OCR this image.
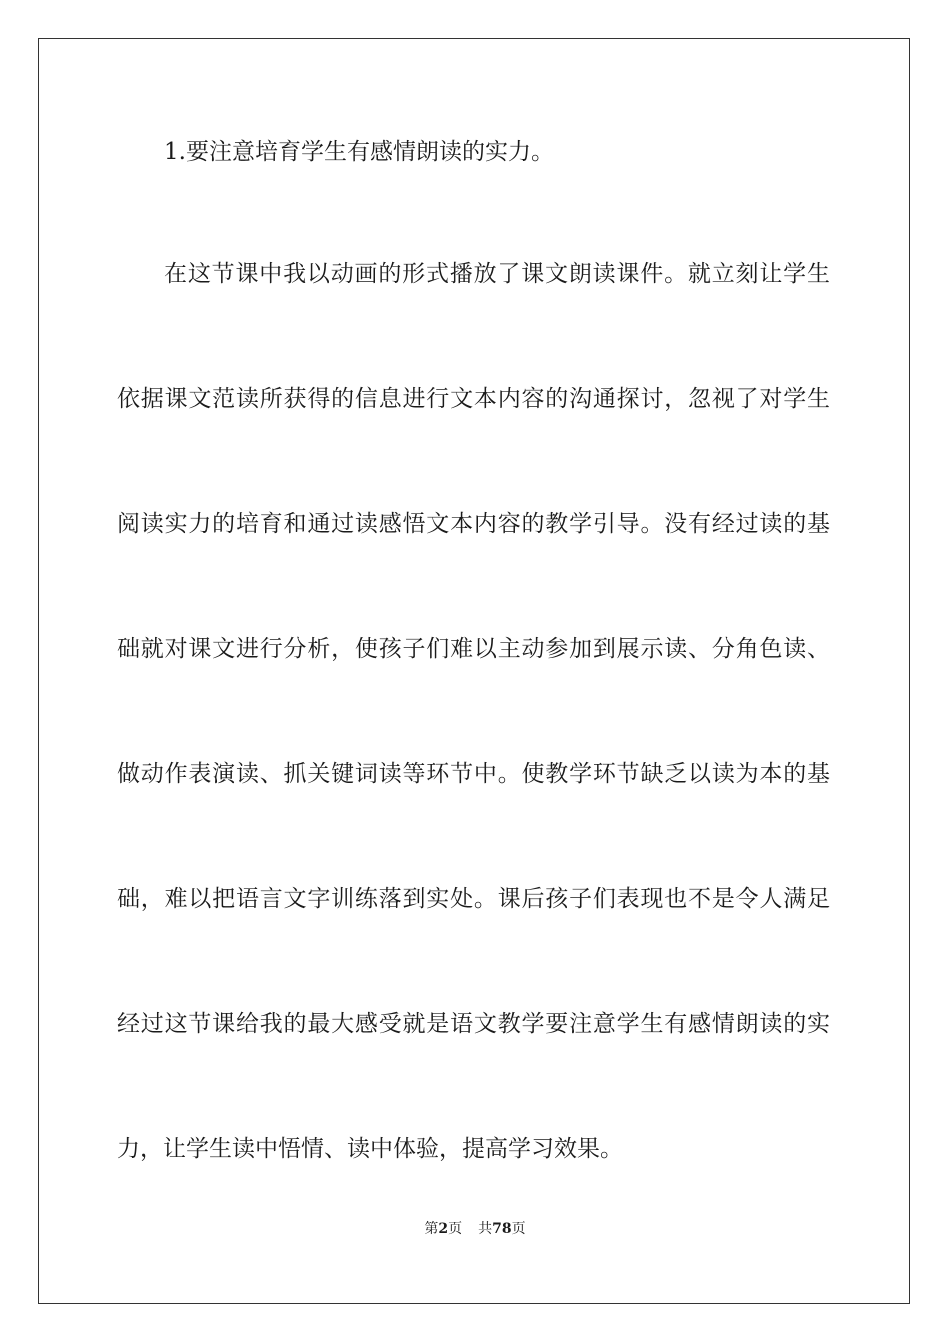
1.要注意培育学生有感情朗读的实力。
在这节课中我以动画的形式播放了课文朗读课件。就立刻让学生
依据课文范读所获得的信息进行文本内容的沟通探讨，忽视了对学生
阅读实力的培育和通过读感悟文本内容的教学引导。没有经过读的基
础就对课文进行分析，使孩子们难以主动参加到展示读、分角色读、
做动作表演读、抓关键词读等环节中。使教学环节缺乏以读为本的基
础，难以把语言文字训练落到实处。课后孩子们表现也不是令人满足
经过这节课给我的最大感受就是语文教学要注意学生有感情朗读的实
力，让学生读中悟情、读中体验，提高学习效果。
第2页 共78页
